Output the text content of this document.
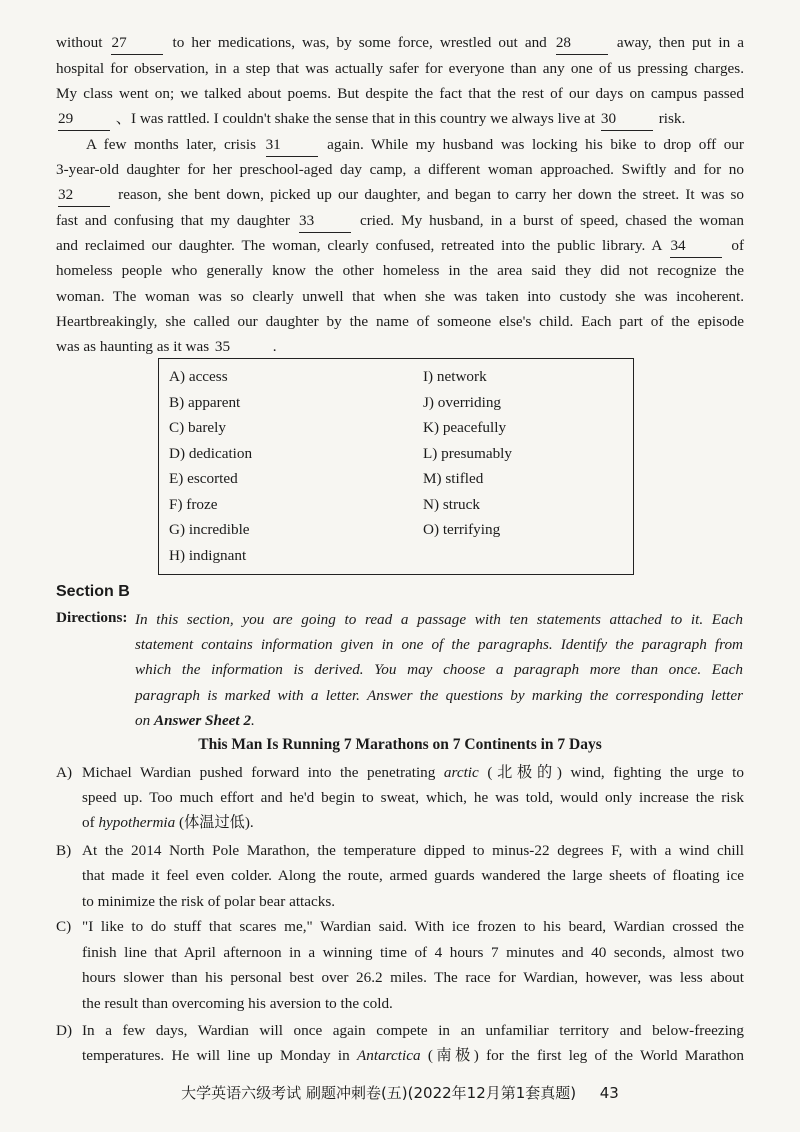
without 27	to her medications, was, by some force, wrestled out and 28	away, then put in a
hospital for observation, in a step that was actually safer for everyone than any one of us pressing charges.
My class went on; we talked about poems. But despite the fact that the rest of our days on campus passed
29	、I was rattled. I couldn't shake the sense that in this country we always live at 30	risk.
A few months later, crisis 31	again. While my husband was locking his bike to drop off our
3-year-old daughter for her preschool-aged day camp, a different woman approached. Swiftly and for no
32	reason, she bent down, picked up our daughter, and began to carry her down the street. It was so
fast and confusing that my daughter 33	cried. My husband, in a burst of speed, chased the woman
and reclaimed our daughter. The woman, clearly confused, retreated into the public library. A 34	of
homeless people who generally know the other homeless in the area said they did not recognize the
woman. The woman was so clearly unwell that when she was taken into custody she was incoherent.
Heartbreakingly, she called our daughter by the name of someone else's child. Each part of the episode
was as haunting as it was 35	.
A) access
B) apparent
C) barely
D) dedication
E) escorted
F) froze
G) incredible
H) indignant
I) network
J) overriding
K) peacefully
L) presumably
M) stifled
N) struck
O) terrifying
Section B
Directions: In this section, you are going to read a passage with ten statements attached to it. Each
statement contains information given in one of the paragraphs. Identify the paragraph from
which the information is derived. You may choose a paragraph more than once. Each
paragraph is marked with a letter. Answer the questions by marking the corresponding letter
on Answer Sheet 2.
This Man Is Running 7 Marathons on 7 Continents in 7 Days
A) Michael Wardian pushed forward into the penetrating arctic (北极的) wind, fighting the urge to
speed up. Too much effort and he'd begin to sweat, which, he was told, would only increase the risk
of hypothermia (体温过低).
B) At the 2014 North Pole Marathon, the temperature dipped to minus-22 degrees F, with a wind chill
that made it feel even colder. Along the route, armed guards wandered the large sheets of floating ice
to minimize the risk of polar bear attacks.
C) "I like to do stuff that scares me," Wardian said. With ice frozen to his beard, Wardian crossed the
finish line that April afternoon in a winning time of 4 hours 7 minutes and 40 seconds, almost two
hours slower than his personal best over 26.2 miles. The race for Wardian, however, was less about
the result than overcoming his aversion to the cold.
D) In a few days, Wardian will once again compete in an unfamiliar territory and below-freezing
temperatures. He will line up Monday in Antarctica (南极) for the first leg of the World Marathon
大学英语六级考试 刷题冲刺卷(五)(2022年12月第1套真题) 43
